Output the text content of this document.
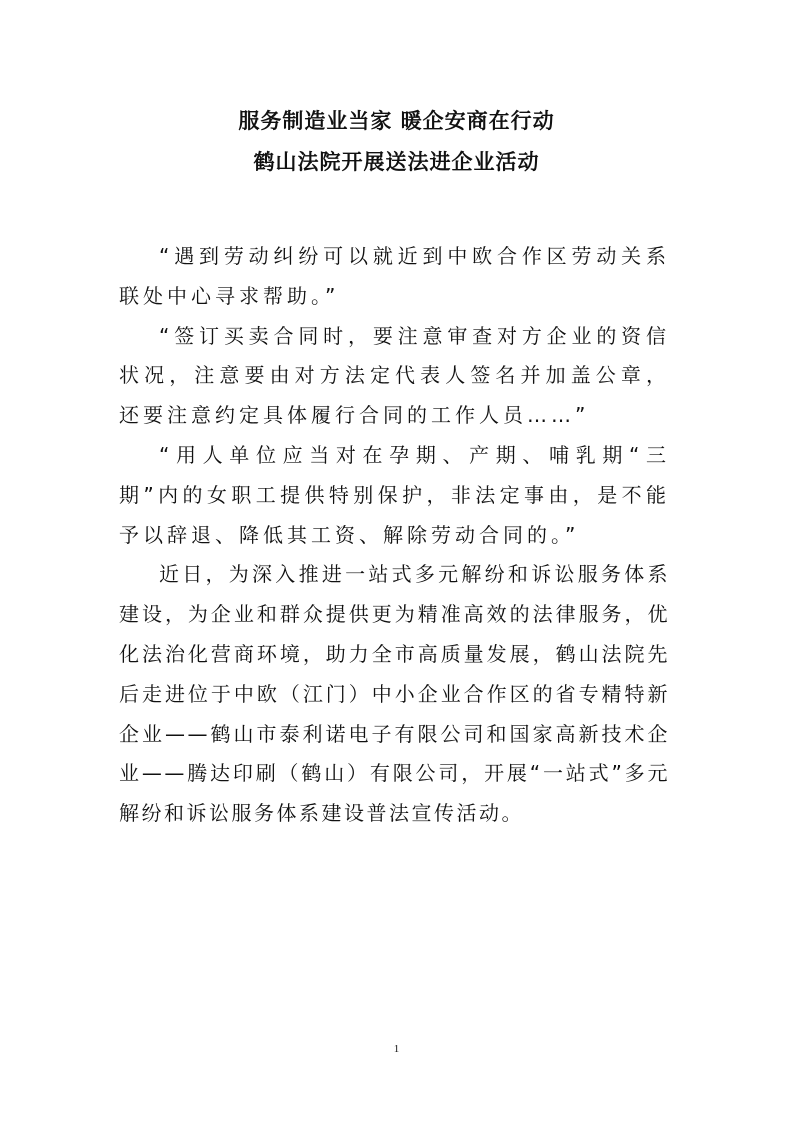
服务制造业当家 暖企安商在行动
鹤山法院开展送法进企业活动

“遇到劳动纠纷可以就近到中欧合作区劳动关系联处中心寻求帮助。”

“签订买卖合同时，要注意审查对方企业的资信状况，注意要由对方法定代表人签名并加盖公章，还要注意约定具体履行合同的工作人员……”

“用人单位应当对在孕期、产期、哺乳期“三期”内的女职工提供特别保护，非法定事由，是不能予以辞退、降低其工资、解除劳动合同的。”

近日，为深入推进一站式多元解纷和诉讼服务体系建设，为企业和群众提供更为精准高效的法律服务，优化法治化营商环境，助力全市高质量发展，鹤山法院先后走进位于中欧（江门）中小企业合作区的省专精特新企业——鹤山市泰利诺电子有限公司和国家高新技术企业——腾达印刷（鹤山）有限公司，开展“一站式”多元解纷和诉讼服务体系建设普法宣传活动。

1
